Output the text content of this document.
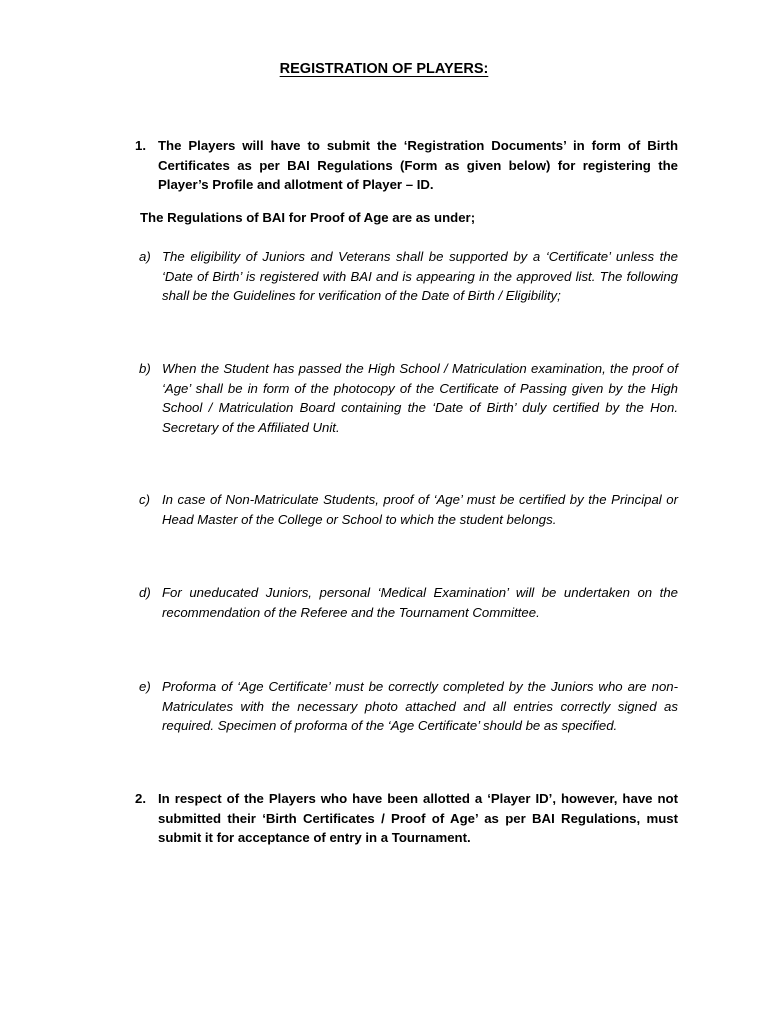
REGISTRATION OF PLAYERS:
1. The Players will have to submit the ‘Registration Documents’ in form of Birth Certificates as per BAI Regulations (Form as given below) for registering the Player’s Profile and allotment of Player – ID.
The Regulations of BAI for Proof of Age are as under;
a) The eligibility of Juniors and Veterans shall be supported by a ‘Certificate’ unless the ‘Date of Birth’ is registered with BAI and is appearing in the approved list. The following shall be the Guidelines for verification of the Date of Birth / Eligibility;
b) When the Student has passed the High School / Matriculation examination, the proof of ‘Age’ shall be in form of the photocopy of the Certificate of Passing given by the High School / Matriculation Board containing the ‘Date of Birth’ duly certified by the Hon. Secretary of the Affiliated Unit.
c) In case of Non-Matriculate Students, proof of ‘Age’ must be certified by the Principal or Head Master of the College or School to which the student belongs.
d) For uneducated Juniors, personal ‘Medical Examination’ will be undertaken on the recommendation of the Referee and the Tournament Committee.
e) Proforma of ‘Age Certificate’ must be correctly completed by the Juniors who are non- Matriculates with the necessary photo attached and all entries correctly signed as required. Specimen of proforma of the ‘Age Certificate’ should be as specified.
2. In respect of the Players who have been allotted a ‘Player ID’, however, have not submitted their ‘Birth Certificates / Proof of Age’ as per BAI Regulations, must submit it for acceptance of entry in a Tournament.
